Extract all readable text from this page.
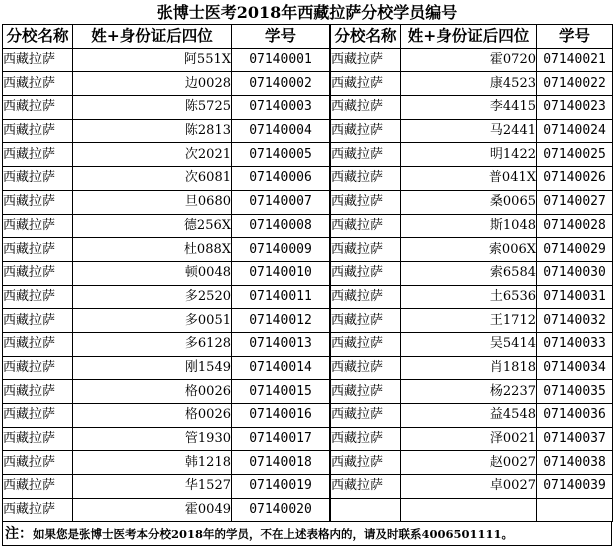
张博士医考2018年西藏拉萨分校学员编号
分校名称	姓+身份证后四位	学号		分校名称	姓+身份证后四位	学号
西藏拉萨	阿551X	07140001		西藏拉萨	霍0720	07140021
西藏拉萨	边0028	07140002		西藏拉萨	康4523	07140022
西藏拉萨	陈5725	07140003		西藏拉萨	李4415	07140023
西藏拉萨	陈2813	07140004		西藏拉萨	马2441	07140024
西藏拉萨	次2021	07140005		西藏拉萨	明1422	07140025
西藏拉萨	次6081	07140006		西藏拉萨	普041X	07140026
西藏拉萨	旦0680	07140007		西藏拉萨	桑0065	07140027
西藏拉萨	德256X	07140008		西藏拉萨	斯1048	07140028
西藏拉萨	杜088X	07140009		西藏拉萨	索006X	07140029
西藏拉萨	顿0048	07140010		西藏拉萨	索6584	07140030
西藏拉萨	多2520	07140011		西藏拉萨	土6536	07140031
西藏拉萨	多0051	07140012		西藏拉萨	王1712	07140032
西藏拉萨	多6128	07140013		西藏拉萨	吴5414	07140033
西藏拉萨	刚1549	07140014		西藏拉萨	肖1818	07140034
西藏拉萨	格0026	07140015		西藏拉萨	杨2237	07140035
西藏拉萨	格0026	07140016		西藏拉萨	益4548	07140036
西藏拉萨	管1930	07140017		西藏拉萨	泽0021	07140037
西藏拉萨	韩1218	07140018		西藏拉萨	赵0027	07140038
西藏拉萨	华1527	07140019		西藏拉萨	卓0027	07140039
西藏拉萨	霍0049	07140020				
注：如果您是张博士医考本分校2018年的学员，不在上述表格内的，请及时联系4006501111。
